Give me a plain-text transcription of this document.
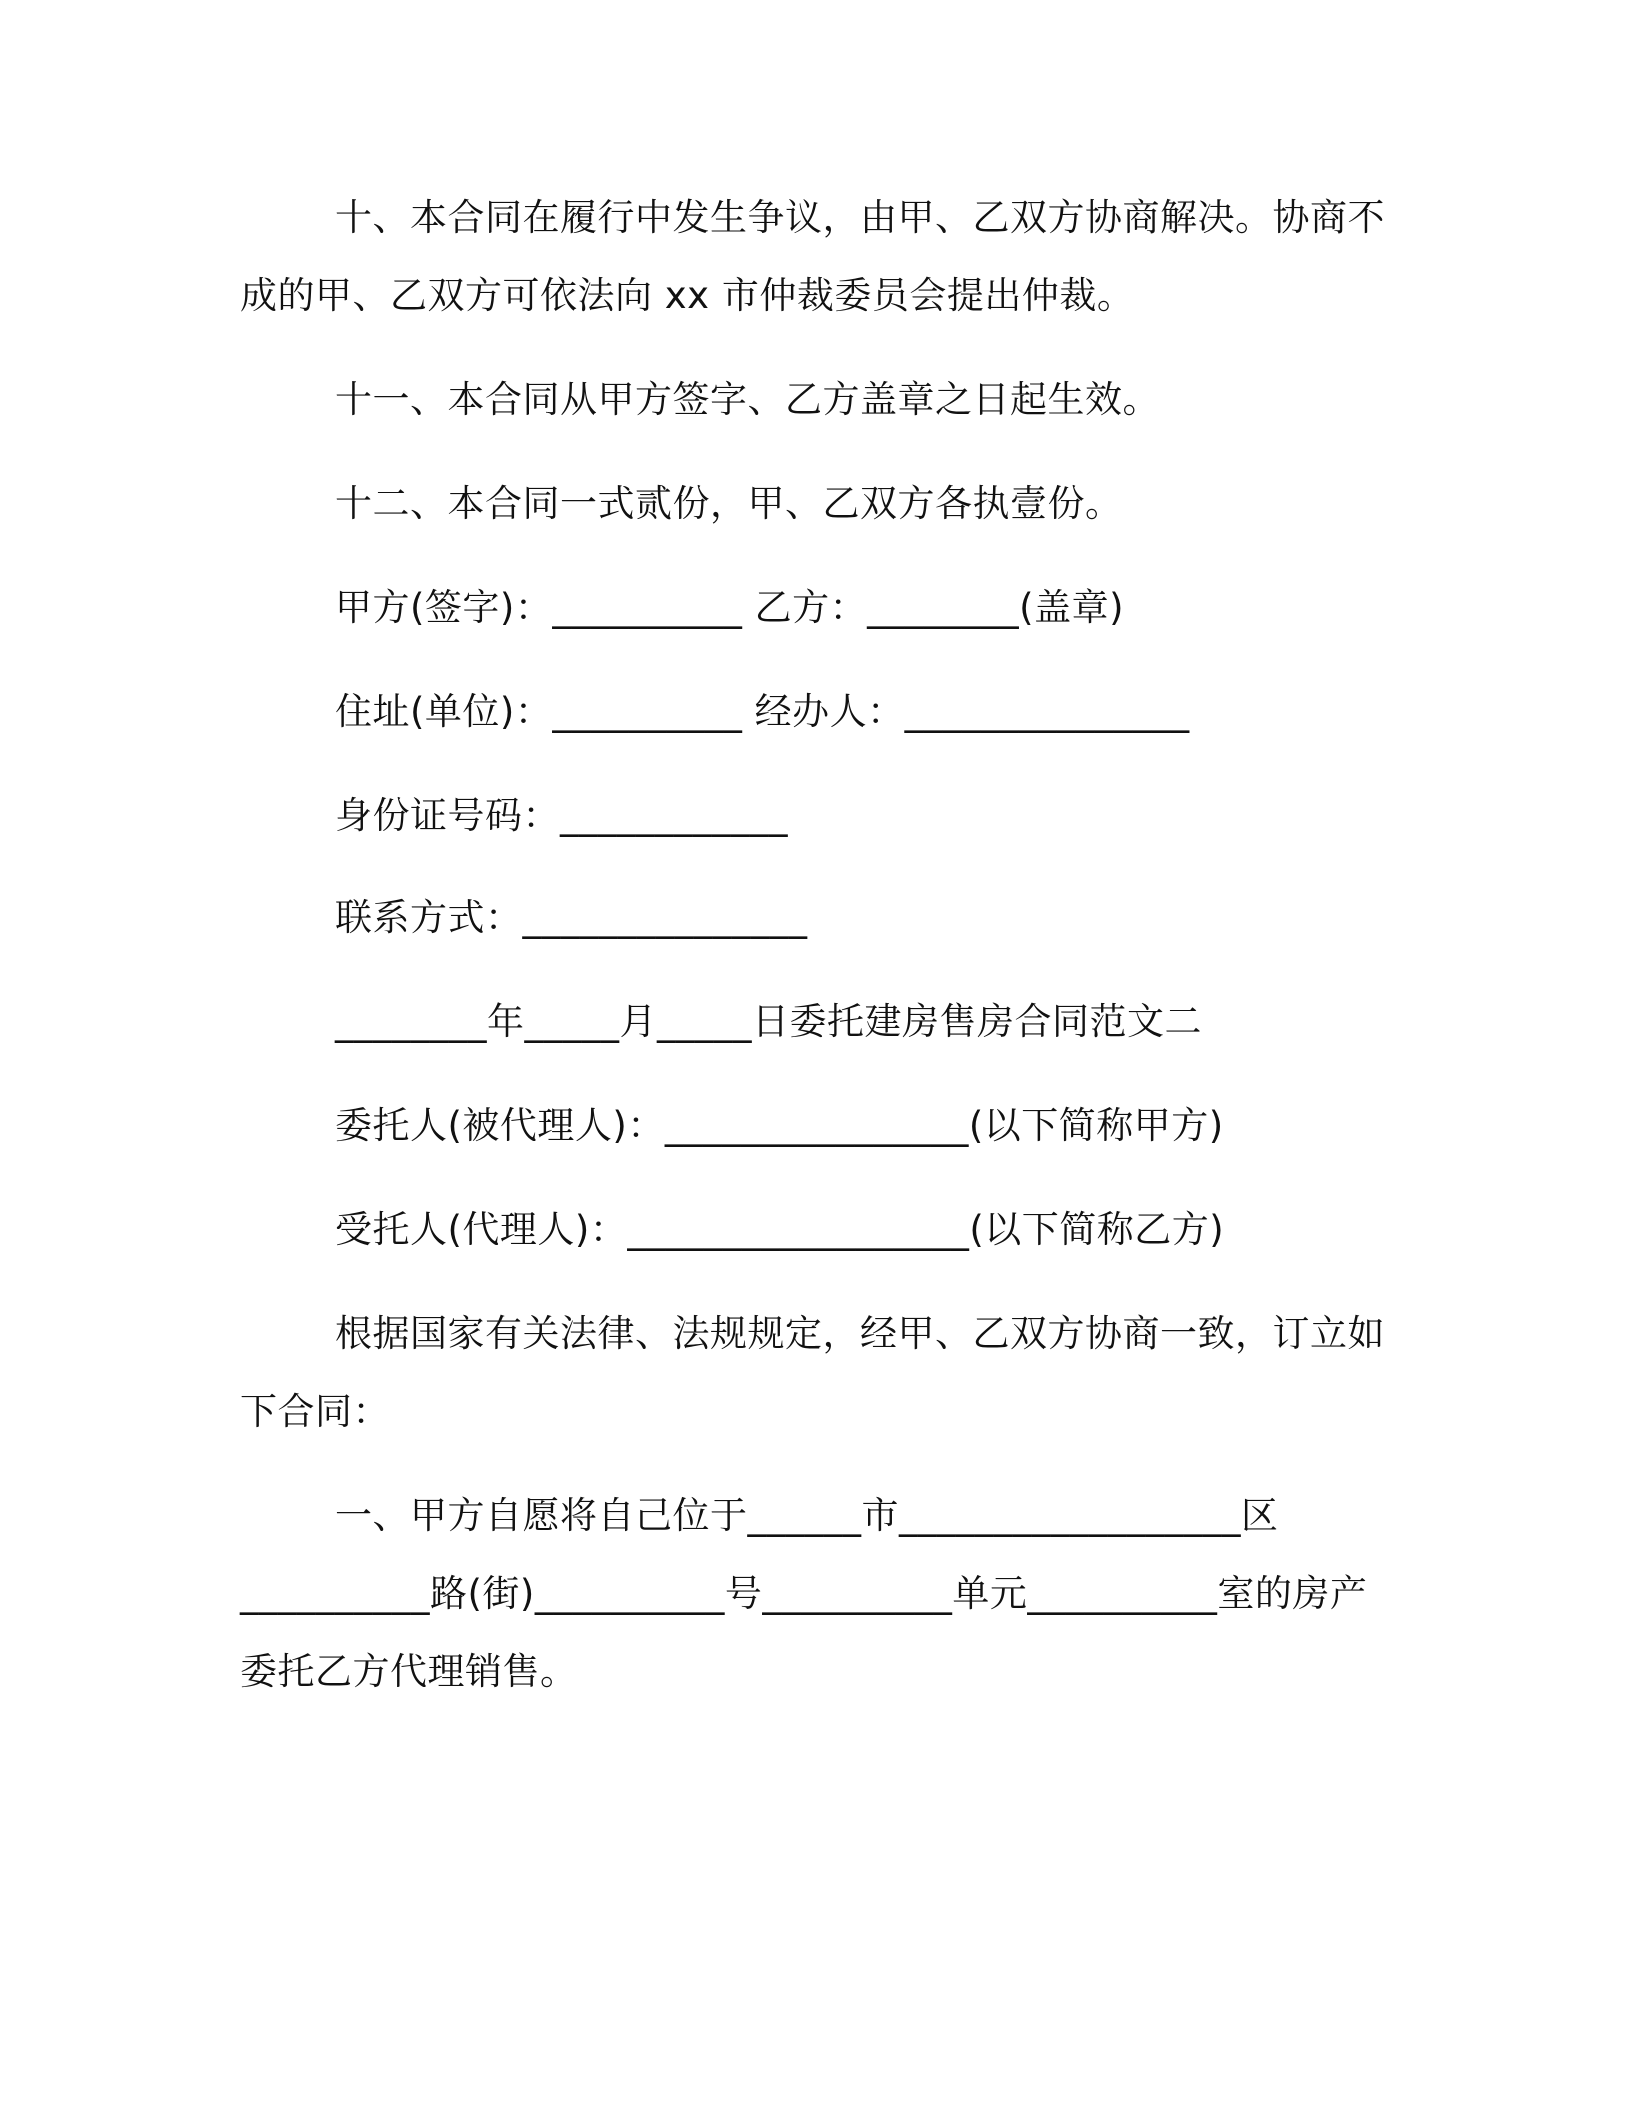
十、本合同在履行中发生争议，由甲、乙双方协商解决。协商不
成的甲、乙双方可依法向 xx 市仲裁委员会提出仲裁。
十一、本合同从甲方签字、乙方盖章之日起生效。
十二、本合同一式贰份，甲、乙双方各执壹份。
甲方(签字)：__________ 乙方：________(盖章)
住址(单位)：__________ 经办人：_______________
身份证号码：____________
联系方式：_______________
________年_____月_____日委托建房售房合同范文二
委托人(被代理人)：________________(以下简称甲方)
受托人(代理人)：__________________(以下简称乙方)
根据国家有关法律、法规规定，经甲、乙双方协商一致，订立如
下合同：
一、甲方自愿将自己位于______市__________________区
__________路(街)__________号__________单元__________室的房产
委托乙方代理销售。
